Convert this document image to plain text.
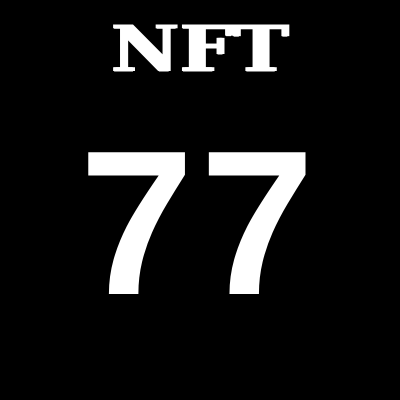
NFT
77
